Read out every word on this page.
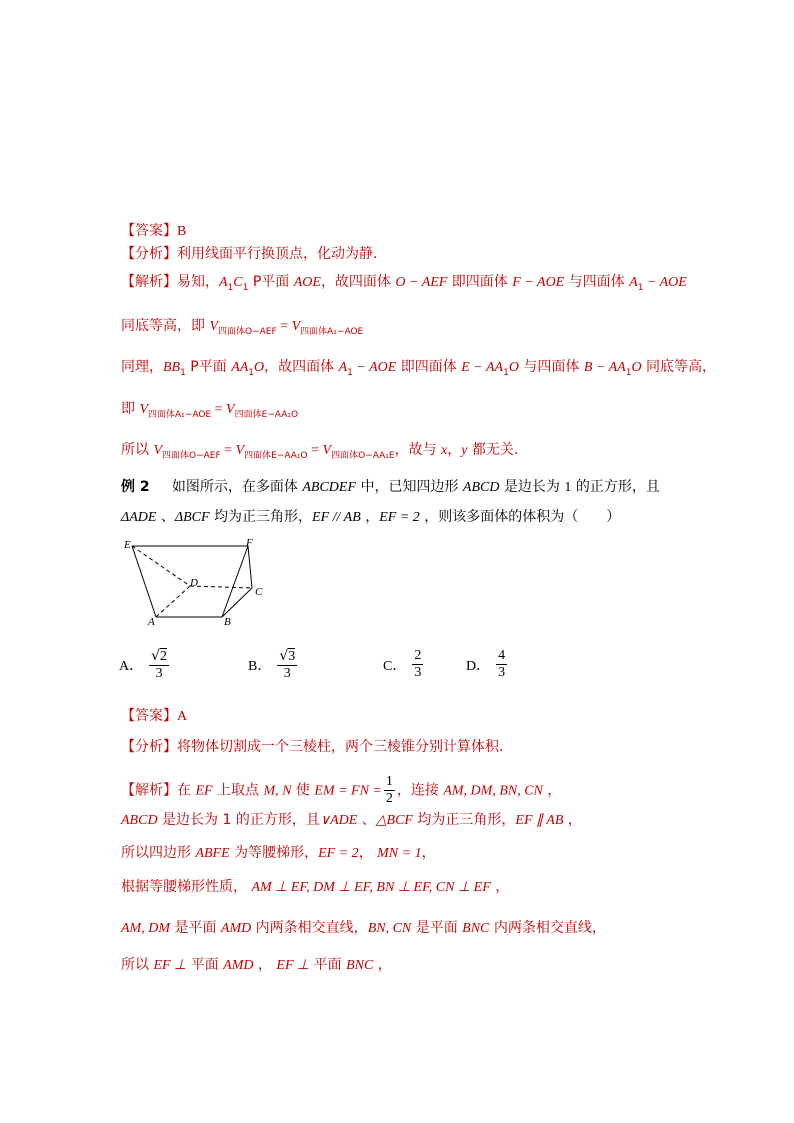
【答案】B
【分析】利用线面平行换顶点，化动为静.
【解析】易知，$A_1C_1$ P平面 AOE，故四面体 O − AEF 即四面体 F − AOE 与四面体 $A_1$ − AOE
同底等高，即 $V_{四面体O-AEF} = V_{四面体A_1-AOE}$
同理，$BB_1$ P平面 $AA_1O$，故四面体 $A_1$ − AOE 即四面体 $E - AA_1O$ 与四面体 $B - AA_1O$ 同底等高，
即 $V_{四面体A_1-AOE} = V_{四面体E-AA_1O}$
所以 $V_{四面体O-AEF} = V_{四面体E-AA_1O} = V_{四面体O-AA_1E}$，故与 x，y 都无关.
例 2 如图所示，在多面体 ABCDEF 中，已知四边形 ABCD 是边长为 1 的正方形，且
ΔADE 、ΔBCF 均为正三角形，EF // AB ，EF = 2 ，则该多面体的体积为（　　）
E	F
D
C
A	B
A． $\frac{√2}{3}$	B． $\frac{√3}{3}$	C． $\frac{2}{3}$	D． $\frac{4}{3}$
【答案】A
【分析】将物体切割成一个三棱柱，两个三棱锥分别计算体积.
【解析】在 EF 上取点 M, N 使 EM = FN = $\frac{1}{2}$ ，连接 AM, DM, BN, CN ，
ABCD 是边长为 1 的正方形，且∨ADE 、△BCF 均为正三角形，EF ∥ AB ，
所以四边形 ABFE 为等腰梯形，EF = 2， MN = 1，
根据等腰梯形性质， AM ⊥ EF, DM ⊥ EF, BN ⊥ EF, CN ⊥ EF ，
AM, DM 是平面 AMD 内两条相交直线，BN, CN 是平面 BNC 内两条相交直线，
所以 EF ⊥ 平面 AMD ， EF ⊥ 平面 BNC ，
